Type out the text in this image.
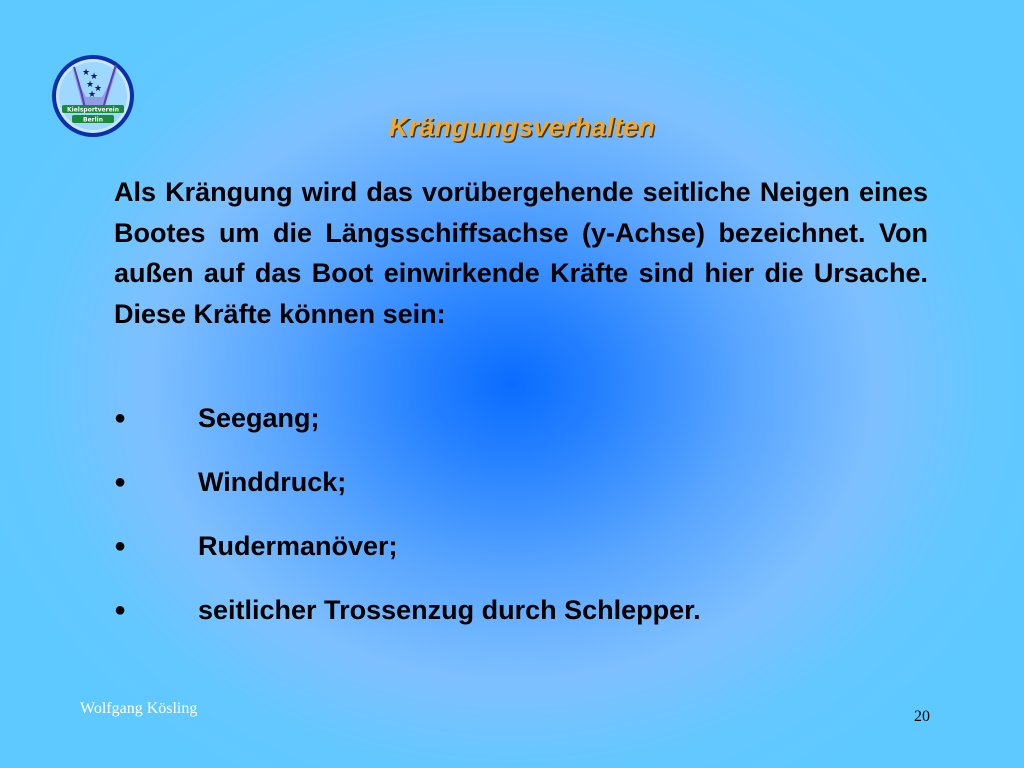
★ ★
★ ★
★
Kielsportverein
Berlin	Krängungsverhalten

Als Krängung wird das vorübergehende seitliche Neigen eines Bootes um die Längsschiffsachse (y-Achse) bezeichnet. Von außen auf das Boot einwirkende Kräfte sind hier die Ursache. Diese Kräfte können sein:

●	Seegang;
●	Winddruck;
●	Rudermanöver;
●	seitlicher Trossenzug durch Schlepper.
Wolfgang Kösling	20
